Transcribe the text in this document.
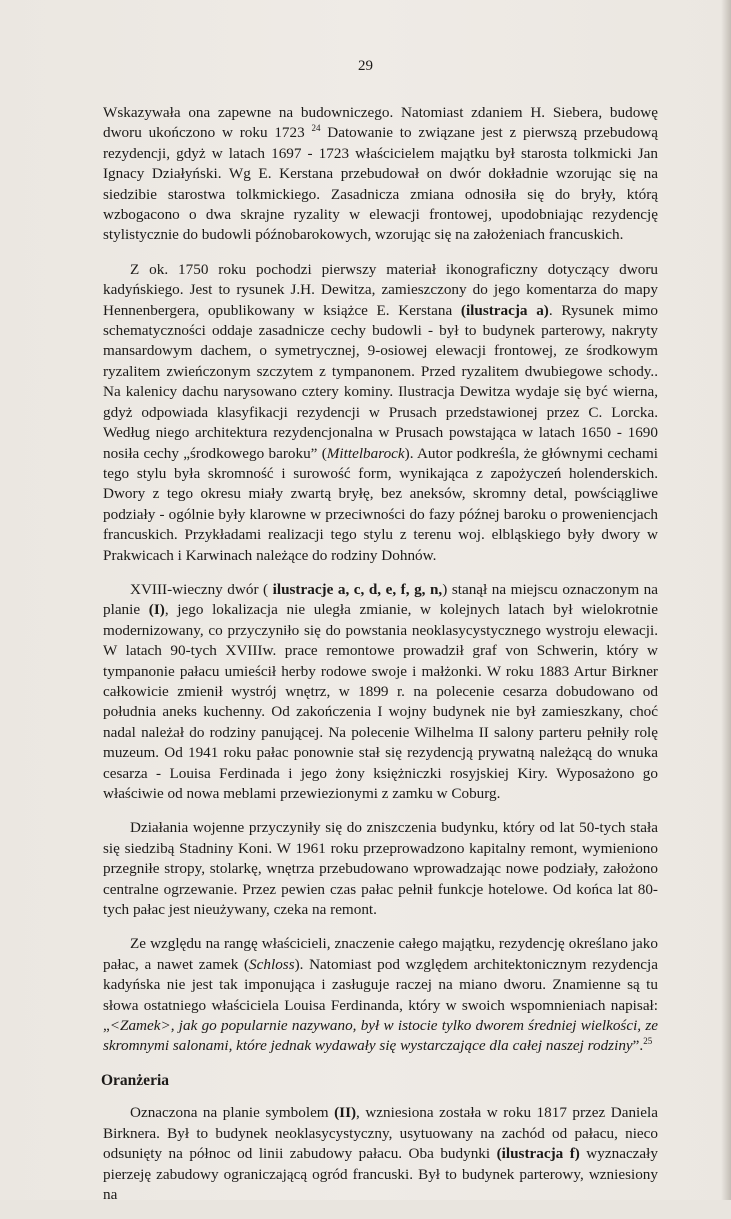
29

Wskazywała ona zapewne na budowniczego. Natomiast zdaniem H. Siebera, budowę dworu ukończono w roku 1723 $^{24}$ Datowanie to związane jest z pierwszą przebudową rezydencji, gdyż w latach 1697 - 1723 właścicielem majątku był starosta tolkmicki Jan Ignacy Działyński. Wg E. Kerstana przebudował on dwór dokładnie wzorując się na siedzibie starostwa tolkmickiego. Zasadnicza zmiana odnosiła się do bryły, którą wzbogacono o dwa skrajne ryzality w elewacji frontowej, upodobniając rezydencję stylistycznie do budowli późnobarokowych, wzorując się na założeniach francuskich.

Z ok. 1750 roku pochodzi pierwszy materiał ikonograficzny dotyczący dworu kadyńskiego. Jest to rysunek J.H. Dewitza, zamieszczony do jego komentarza do mapy Hennenbergera, opublikowany w książce E. Kerstana (ilustracja a). Rysunek mimo schematyczności oddaje zasadnicze cechy budowli - był to budynek parterowy, nakryty mansardowym dachem, o symetrycznej, 9-osiowej elewacji frontowej, ze środkowym ryzalitem zwieńczonym szczytem z tympanonem. Przed ryzalitem dwubiegowe schody.. Na kalenicy dachu narysowano cztery kominy. Ilustracja Dewitza wydaje się być wierna, gdyż odpowiada klasyfikacji rezydencji w Prusach przedstawionej przez C. Lorcka. Według niego architektura rezydencjonalna w Prusach powstająca w latach 1650 - 1690 nosiła cechy „środkowego baroku” (Mittelbarock). Autor podkreśla, że głównymi cechami tego stylu była skromność i surowość form, wynikająca z zapożyczeń holenderskich. Dwory z tego okresu miały zwartą bryłę, bez aneksów, skromny detal, powściągliwe podziały - ogólnie były klarowne w przeciwności do fazy późnej baroku o proweniencjach francuskich. Przykładami realizacji tego stylu z terenu woj. elbląskiego były dwory w Prakwicach i Karwinach należące do rodziny Dohnów.

XVIII-wieczny dwór ( ilustracje a, c, d, e, f, g, n,) stanął na miejscu oznaczonym na planie (I), jego lokalizacja nie uległa zmianie, w kolejnych latach był wielokrotnie modernizowany, co przyczyniło się do powstania neoklasycystycznego wystroju elewacji. W latach 90-tych XVIIIw. prace remontowe prowadził graf von Schwerin, który w tympanonie pałacu umieścił herby rodowe swoje i małżonki. W roku 1883 Artur Birkner całkowicie zmienił wystrój wnętrz, w 1899 r. na polecenie cesarza dobudowano od południa aneks kuchenny. Od zakończenia I wojny budynek nie był zamieszkany, choć nadal należał do rodziny panującej. Na polecenie Wilhelma II salony parteru pełniły rolę muzeum. Od 1941 roku pałac ponownie stał się rezydencją prywatną należącą do wnuka cesarza - Louisa Ferdinada i jego żony księżniczki rosyjskiej Kiry. Wyposażono go właściwie od nowa meblami przewiezionymi z zamku w Coburg.

Działania wojenne przyczyniły się do zniszczenia budynku, który od lat 50-tych stała się siedzibą Stadniny Koni. W 1961 roku przeprowadzono kapitalny remont, wymieniono przegniłe stropy, stolarkę, wnętrza przebudowano wprowadzając nowe podziały, założono centralne ogrzewanie. Przez pewien czas pałac pełnił funkcje hotelowe. Od końca lat 80-tych pałac jest nieużywany, czeka na remont.

Ze względu na rangę właścicieli, znaczenie całego majątku, rezydencję określano jako pałac, a nawet zamek (Schloss). Natomiast pod względem architektonicznym rezydencja kadyńska nie jest tak imponująca i zasługuje raczej na miano dworu. Znamienne są tu słowa ostatniego właściciela Louisa Ferdinanda, który w swoich wspomnieniach napisał: „<Zamek>, jak go popularnie nazywano, był w istocie tylko dworem średniej wielkości, ze skromnymi salonami, które jednak wydawały się wystarczające dla całej naszej rodziny”.$^{25}$

Oranżeria

Oznaczona na planie symbolem (II), wzniesiona została w roku 1817 przez Daniela Birknera. Był to budynek neoklasycystyczny, usytuowany na zachód od pałacu, nieco odsunięty na północ od linii zabudowy pałacu. Oba budynki (ilustracja f) wyznaczały pierzeję zabudowy ograniczającą ogród francuski. Był to budynek parterowy, wzniesiony na
